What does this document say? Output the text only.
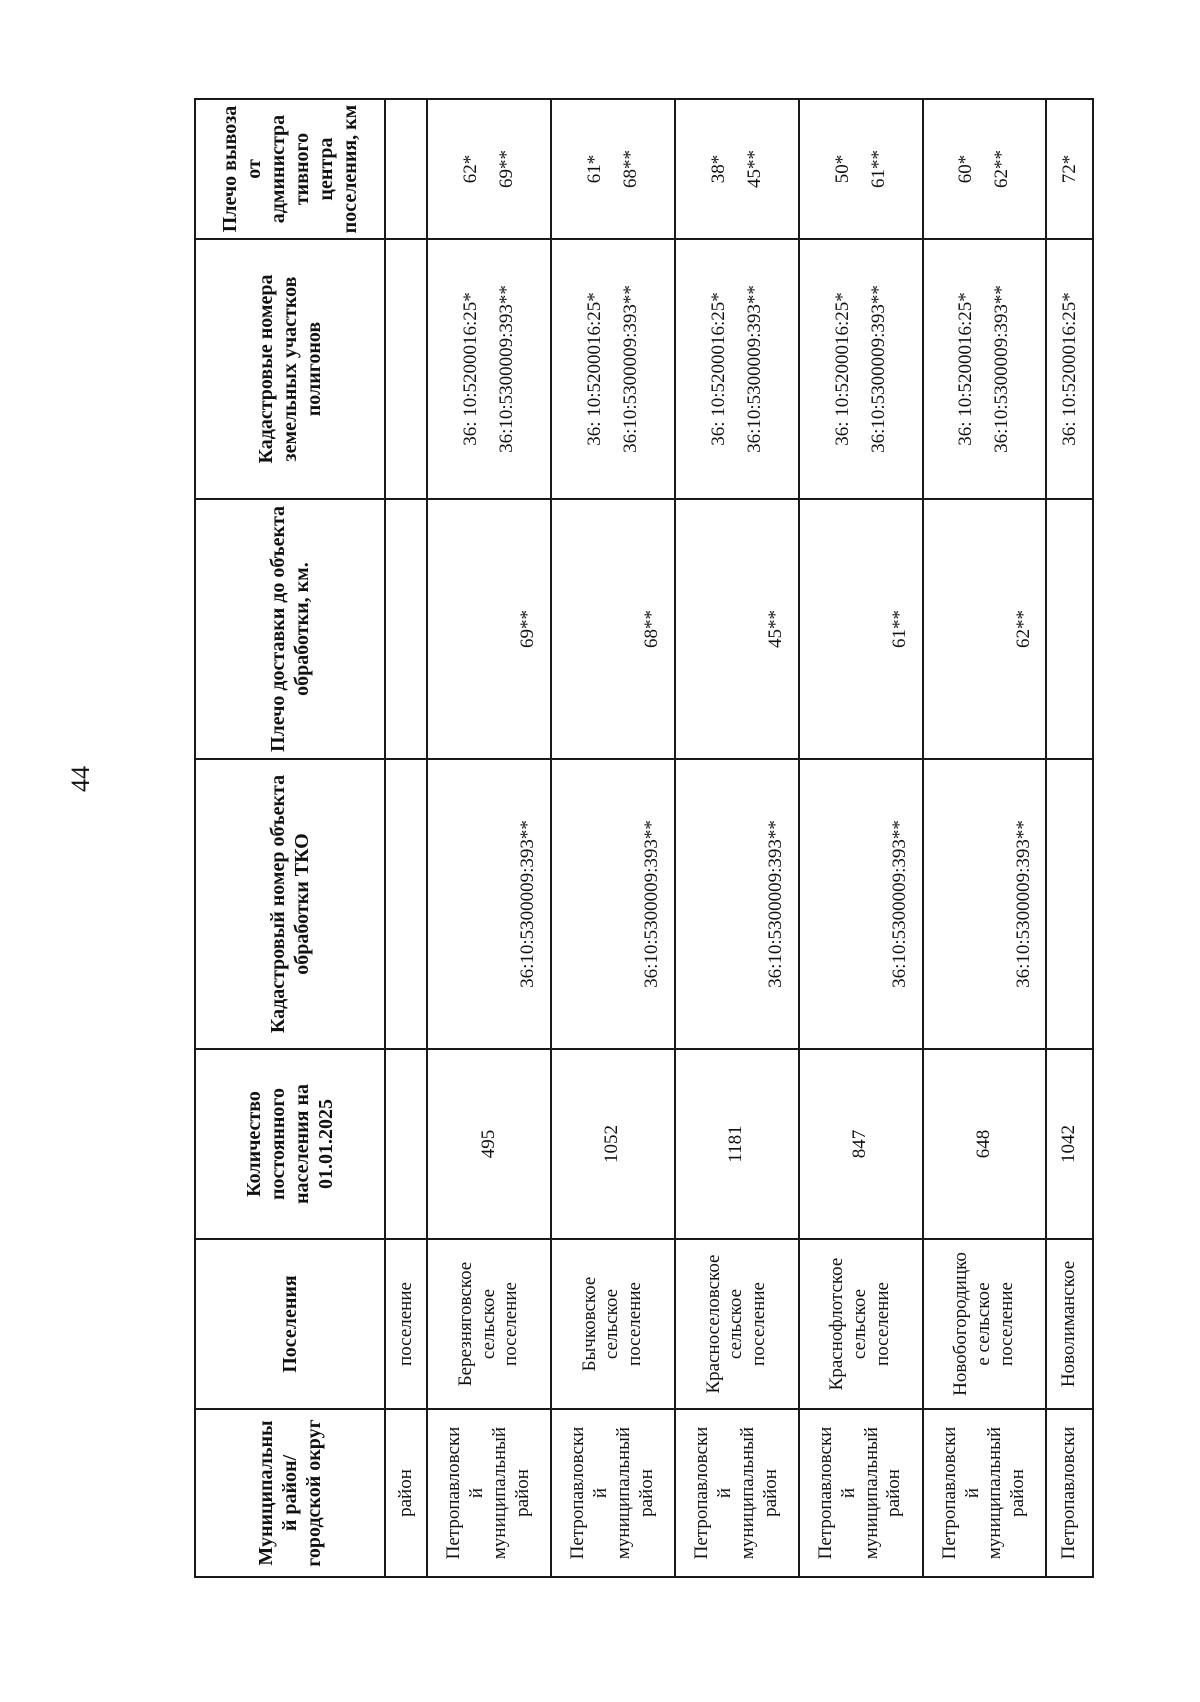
44
Муниципальны й район/ городской округ	Поселения	Количество постоянного населения на 01.01.2025	Кадастровый номер объекта обработки ТКО	Плечо доставки до объекта обработки, км.	Кадастровые номера земельных участков полигонов	Плечо вывоза от администра тивного центра поселения, км
район	поселение					

Петропавловски й муниципальный район	Березняговское сельское поселение	495	36:10:5300009:393**	69**	36: 10:5200016:25* 36:10:5300009:393**	62* 69**

Петропавловски й муниципальный район	Бычковское сельское поселение	1052	36:10:5300009:393**	68**	36: 10:5200016:25* 36:10:5300009:393**	61* 68**

Петропавловски й муниципальный район	Красноселовское сельское поселение	1181	36:10:5300009:393**	45**	36: 10:5200016:25* 36:10:5300009:393**	38* 45**

Петропавловски й муниципальный район	Краснофлотское сельское поселение	847	36:10:5300009:393**	61**	36: 10:5200016:25* 36:10:5300009:393**	50* 61**

Петропавловски й муниципальный район	Новобогородицко е сельское поселение	648	36:10:5300009:393**	62**	36: 10:5200016:25* 36:10:5300009:393**	60* 62**

Петропавловски	Новолиманское	1042			36: 10:5200016:25*	72*
